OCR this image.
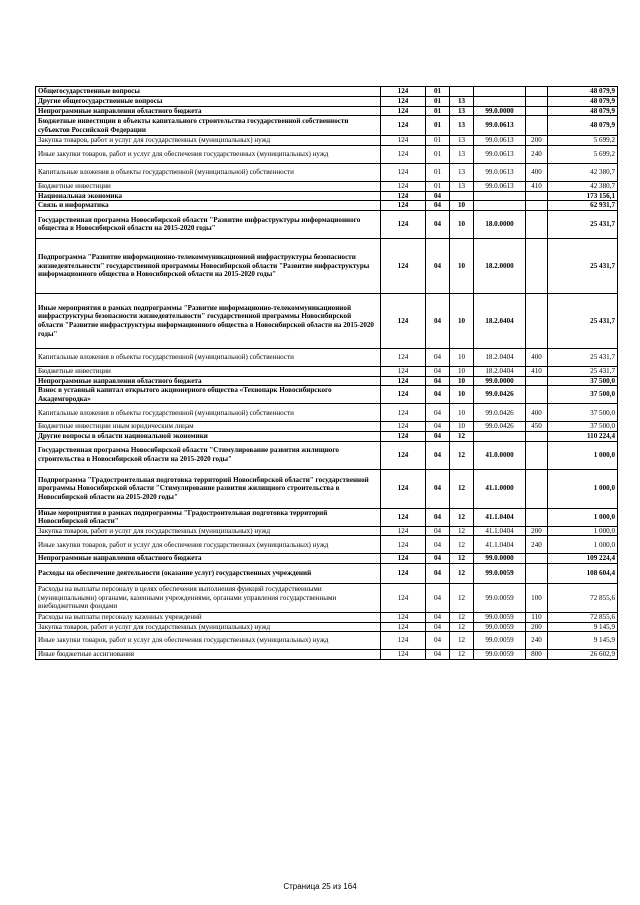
Общегосударственные вопросы	124	01				48 079,9
Другие общегосударственные вопросы	124	01	13			48 079,9
Непрограммные направления областного бюджета	124	01	13	99.0.0000		48 079,9
Бюджетные инвестиции в объекты капитального строительства государственной собственности субъектов Российской Федерации	124	01	13	99.0.0613		48 079,9
Закупка товаров, работ и услуг для государственных (муниципальных) нужд	124	01	13	99.0.0613	200	5 699,2
Иные закупки товаров, работ и услуг для обеспечения государственных (муниципальных) нужд	124	01	13	99.0.0613	240	5 699,2
Капитальные вложения в объекты государственной (муниципальной) собственности	124	01	13	99.0.0613	400	42 380,7
Бюджетные инвестиции	124	01	13	99.0.0613	410	42 380,7
Национальная экономика	124	04				173 156,1
Связь и информатика	124	04	10			62 931,7
Государственная программа Новосибирской области "Развитие инфраструктуры информационного общества в Новосибирской области на 2015-2020 годы"	124	04	10	18.0.0000		25 431,7
Подпрограмма "Развитие информационно-телекоммуникационной инфраструктуры безопасности жизнедеятельности" государственной программы Новосибирской области "Развитие инфраструктуры информационного общества в Новосибирской области на 2015-2020 годы"	124	04	10	18.2.0000		25 431,7
Иные мероприятия в рамках подпрограммы "Развитие информационно-телекоммуникационной инфраструктуры безопасности жизнедеятельности" государственной программы Новосибирской области "Развитие инфраструктуры информационного общества в Новосибирской области на 2015-2020 годы"	124	04	10	18.2.0404		25 431,7
Капитальные вложения в объекты государственной (муниципальной) собственности	124	04	10	18.2.0404	400	25 431,7
Бюджетные инвестиции	124	04	10	18.2.0404	410	25 431,7
Непрограммные направления областного бюджета	124	04	10	99.0.0000		37 500,0
Взнос в уставный капитал открытого акционерного общества «Технопарк Новосибирского Академгородка»	124	04	10	99.0.0426		37 500,0
Капитальные вложения в объекты государственной (муниципальной) собственности	124	04	10	99.0.0426	400	37 500,0
Бюджетные инвестиции иным юридическим лицам	124	04	10	99.0.0426	450	37 500,0
Другие вопросы в области национальной экономики	124	04	12			110 224,4
Государственная программа Новосибирской области "Стимулирование развития жилищного строительства в Новосибирской области на 2015-2020 годы"	124	04	12	41.0.0000		1 000,0
Подпрограмма "Градостроительная подготовка территорий Новосибирской области" государственной программы Новосибирской области "Стимулирование развития жилищного строительства в Новосибирской области на 2015-2020 годы"	124	04	12	41.1.0000		1 000,0
Иные мероприятия в рамках подпрограммы "Градостроительная подготовка территорий Новосибирской области"	124	04	12	41.1.0404		1 000,0
Закупка товаров, работ и услуг для государственных (муниципальных) нужд	124	04	12	41.1.0404	200	1 000,0
Иные закупки товаров, работ и услуг для обеспечения государственных (муниципальных) нужд	124	04	12	41.1.0404	240	1 000,0
Непрограммные направления областного бюджета	124	04	12	99.0.0000		109 224,4
Расходы на обеспечение деятельности (оказание услуг) государственных учреждений	124	04	12	99.0.0059		108 604,4
Расходы на выплаты персоналу в целях обеспечения выполнения функций государственными (муниципальными) органами, казенными учреждениями, органами управления государственными внебюджетными фондами	124	04	12	99.0.0059	100	72 855,6
Расходы на выплаты персоналу казенных учреждений	124	04	12	99.0.0059	110	72 855,6
Закупка товаров, работ и услуг для государственных (муниципальных) нужд	124	04	12	99.0.0059	200	9 145,9
Иные закупки товаров, работ и услуг для обеспечения государственных (муниципальных) нужд	124	04	12	99.0.0059	240	9 145,9
Иные бюджетные ассигнования	124	04	12	99.0.0059	800	26 602,9
Страница 25 из 164
